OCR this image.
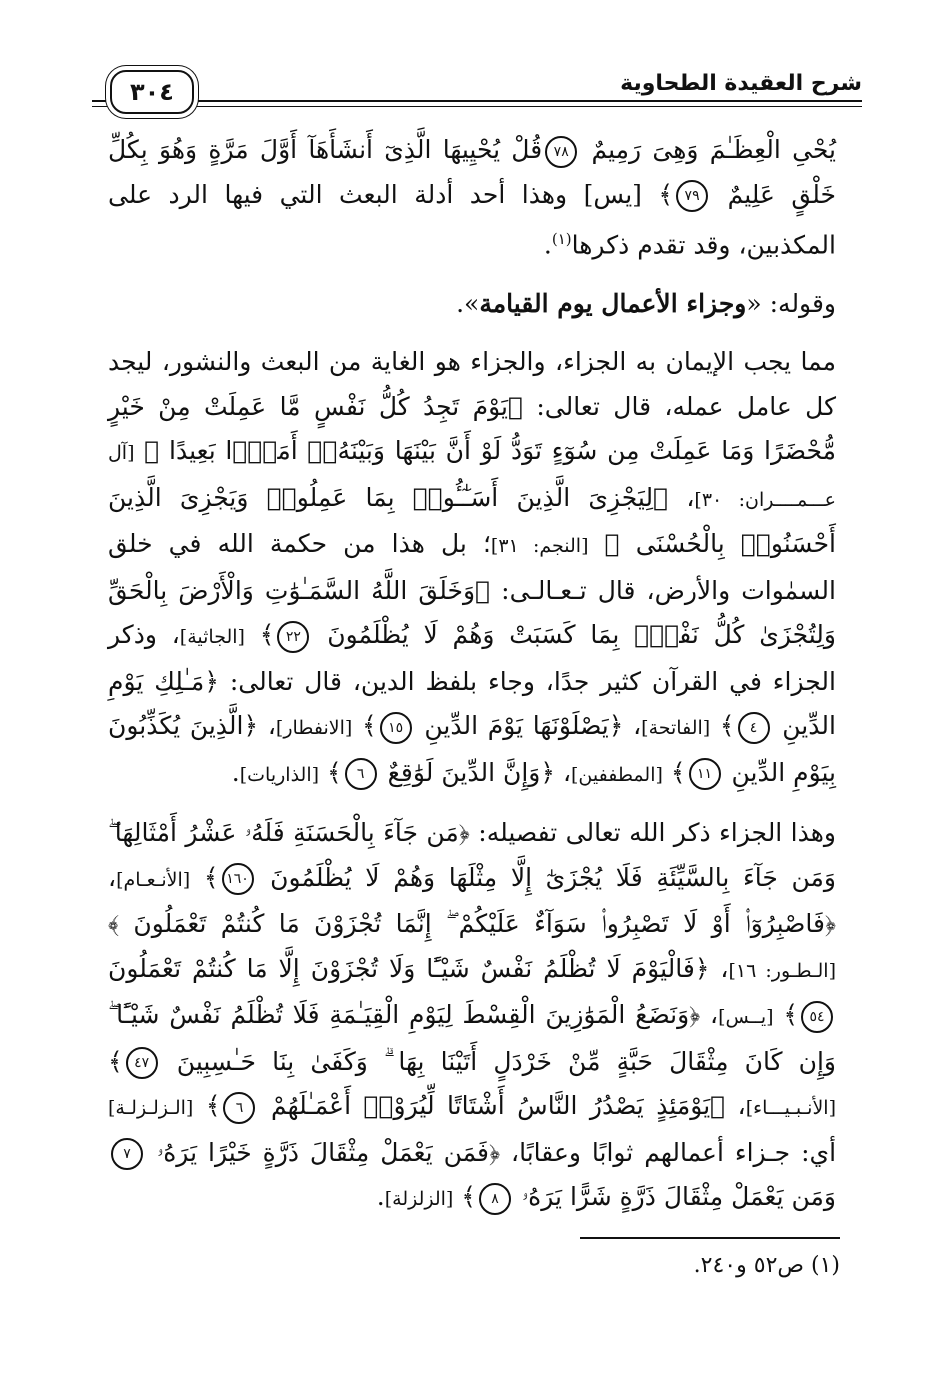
شرح العقيدة الطحاوية
٣٠٤

يُحْىِ الْعِظَـٰمَ وَهِىَ رَمِيمٌ ٧٨قُلْ يُحْيِيهَا الَّذِىٓ أَنشَأَهَآ أَوَّلَ مَرَّةٍ وَهُوَ بِكُلِّ خَلْقٍ عَلِيمٌ ٧٩﴾ [يس] وهذا أحد أدلة البعث التي فيها الرد على المكذبين، وقد تقدم ذكرها$^{(١)}$.

وقوله: «وجزاء الأعمال يوم القيامة».

مما يجب الإيمان به الجزاء، والجزاء هو الغاية من البعث والنشور، ليجد كل عامل عمله، قال تعالى: ﴿يَوْمَ تَجِدُ كُلُّ نَفْسٍ مَّا عَمِلَتْ مِنْ خَيْرٍ مُّحْضَرًا وَمَا عَمِلَتْ مِن سُوٓءٍ تَوَدُّ لَوْ أَنَّ بَيْنَهَا وَبَيْنَهُۥٓ أَمَدًۢا بَعِيدًا ﴾ [آل عـــمــــران: ٣٠]، ﴿لِيَجْزِىَ الَّذِينَ أَسَـٰٓـُٔوا۟ بِمَا عَمِلُوا۟ وَيَجْزِىَ الَّذِينَ أَحْسَنُوا۟ بِالْحُسْنَى ﴾ [النجم: ٣١]؛ بل هذا من حكمة الله في خلق السمٰوات والأرض، قال تـعـالـى: ﴿وَخَلَقَ اللَّهُ السَّمَـٰوَٰتِ وَالْأَرْضَ بِالْحَقِّ وَلِتُجْزَىٰ كُلُّ نَفْسٍۭ بِمَا كَسَبَتْ وَهُمْ لَا يُظْلَمُونَ ٢٢﴾ [الجاثية]، وذكر الجزاء في القرآن كثير جدًا، وجاء بلفظ الدين، قال تعالى: ﴿مَـٰلِكِ يَوْمِ الدِّينِ ٤﴾ [الفاتحة]، ﴿يَصْلَوْنَهَا يَوْمَ الدِّينِ ١٥﴾ [الانفطار]، ﴿الَّذِينَ يُكَذِّبُونَ بِيَوْمِ الدِّينِ ١١﴾ [المطففين]، ﴿وَإِنَّ الدِّينَ لَوَٰقِعٌ ٦﴾ [الذاريات].

وهذا الجزاء ذكر الله تعالى تفصيله: ﴿مَن جَآءَ بِالْحَسَنَةِ فَلَهُۥ عَشْرُ أَمْثَالِهَا ۖ وَمَن جَآءَ بِالسَّيِّئَةِ فَلَا يُجْزَىٰٓ إِلَّا مِثْلَهَا وَهُمْ لَا يُظْلَمُونَ ١٦٠﴾ [الأنـعـام]، ﴿فَاصْبِرُوٓا۟ أَوْ لَا تَصْبِرُوا۟ سَوَآءٌ عَلَيْكُمْ ۖ إِنَّمَا تُجْزَوْنَ مَا كُنتُمْ تَعْمَلُونَ ﴾ [الـطـور: ١٦]، ﴿فَالْيَوْمَ لَا تُظْلَمُ نَفْسٌ شَيْـًٔا وَلَا تُجْزَوْنَ إِلَّا مَا كُنتُمْ تَعْمَلُونَ ٥٤﴾ [يــس]، ﴿وَنَضَعُ الْمَوَٰزِينَ الْقِسْطَ لِيَوْمِ الْقِيَـٰمَةِ فَلَا تُظْلَمُ نَفْسٌ شَيْـًٔا ۖ وَإِن كَانَ مِثْقَالَ حَبَّةٍ مِّنْ خَرْدَلٍ أَتَيْنَا بِهَا ۗ وَكَفَىٰ بِنَا حَـٰسِبِينَ ٤٧﴾ [الأنـبـيـــاء]، ﴿يَوْمَئِذٍ يَصْدُرُ النَّاسُ أَشْتَاتًا لِّيُرَوْا۟ أَعْمَـٰلَهُمْ ٦﴾ [الـزلـزلـة] أي: جـزاء أعمالهم ثوابًا وعقابًا، ﴿فَمَن يَعْمَلْ مِثْقَالَ ذَرَّةٍ خَيْرًا يَرَهُۥ ٧وَمَن يَعْمَلْ مِثْقَالَ ذَرَّةٍ شَرًّا يَرَهُۥ ٨﴾ [الزلزلة].

(١) ص٥٢ و٢٤٠.
